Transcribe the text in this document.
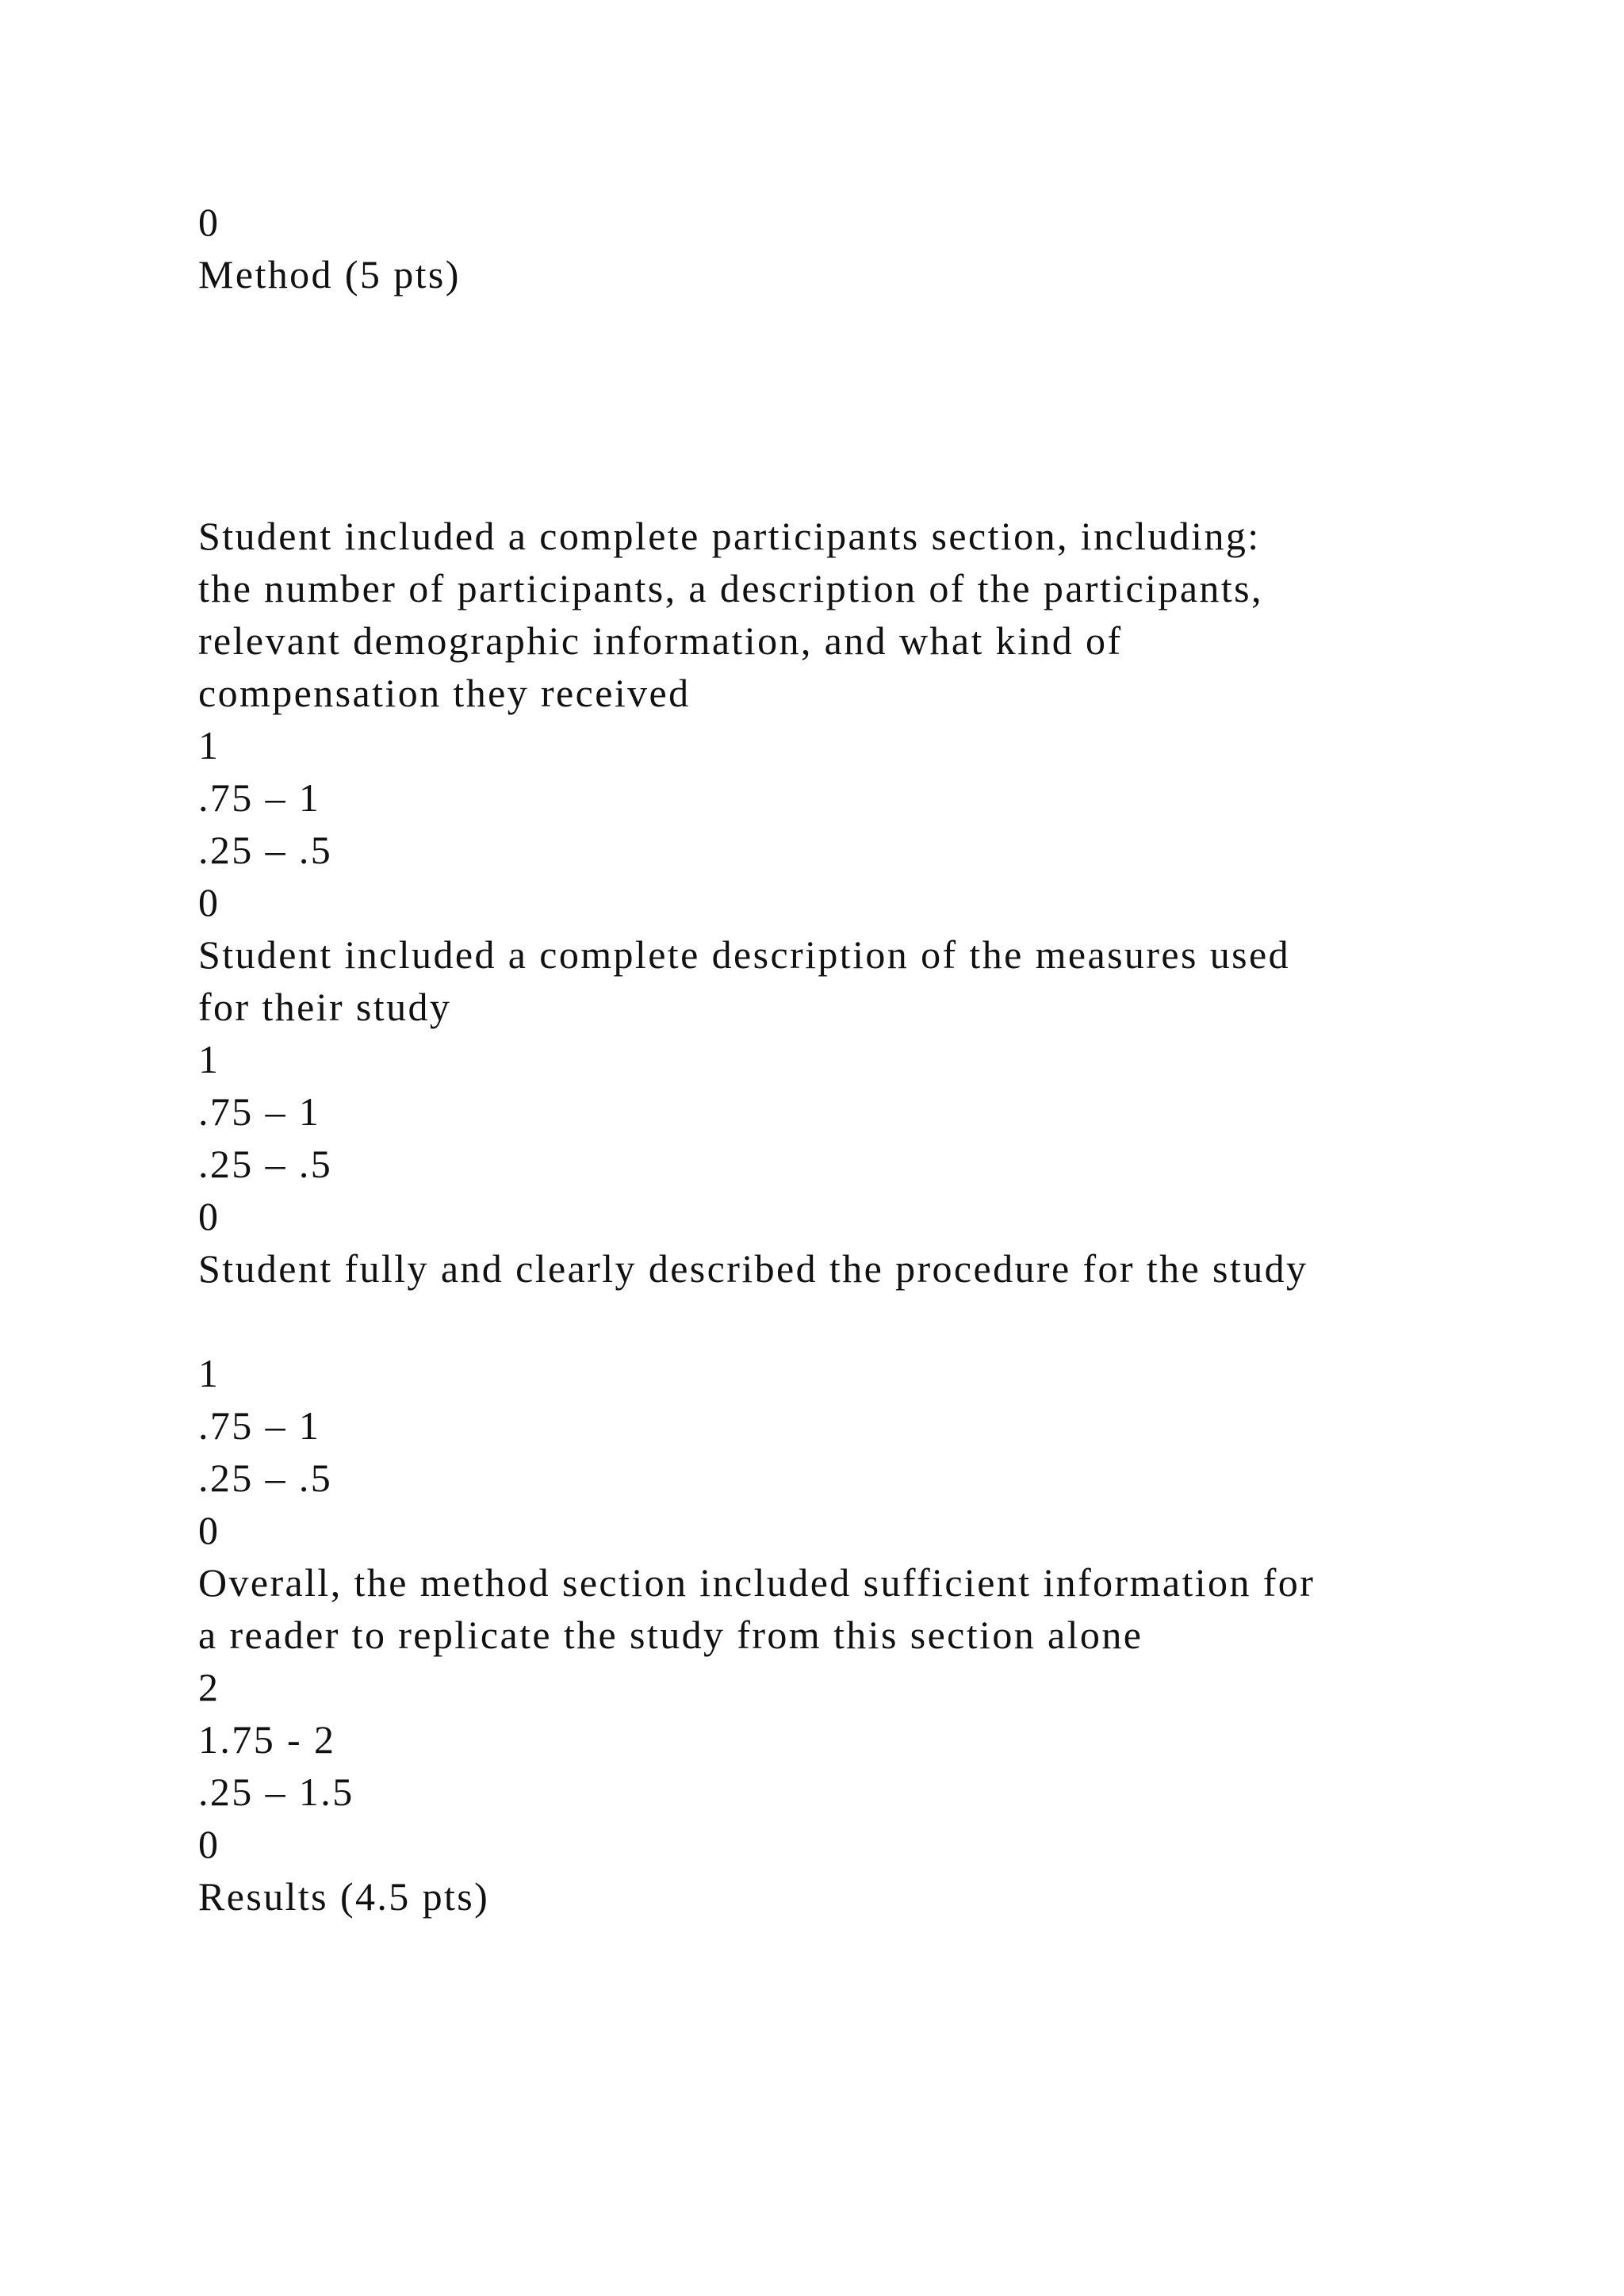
0
Method (5 pts)
Student included a complete participants section, including:
the number of participants, a description of the participants,
relevant demographic information, and what kind of
compensation they received
1
.75 – 1
.25 – .5
0
Student included a complete description of the measures used
for their study
1
.75 – 1
.25 – .5
0
Student fully and clearly described the procedure for the study
1
.75 – 1
.25 – .5
0
Overall, the method section included sufficient information for
a reader to replicate the study from this section alone
2
1.75 - 2
.25 – 1.5
0
Results (4.5 pts)
